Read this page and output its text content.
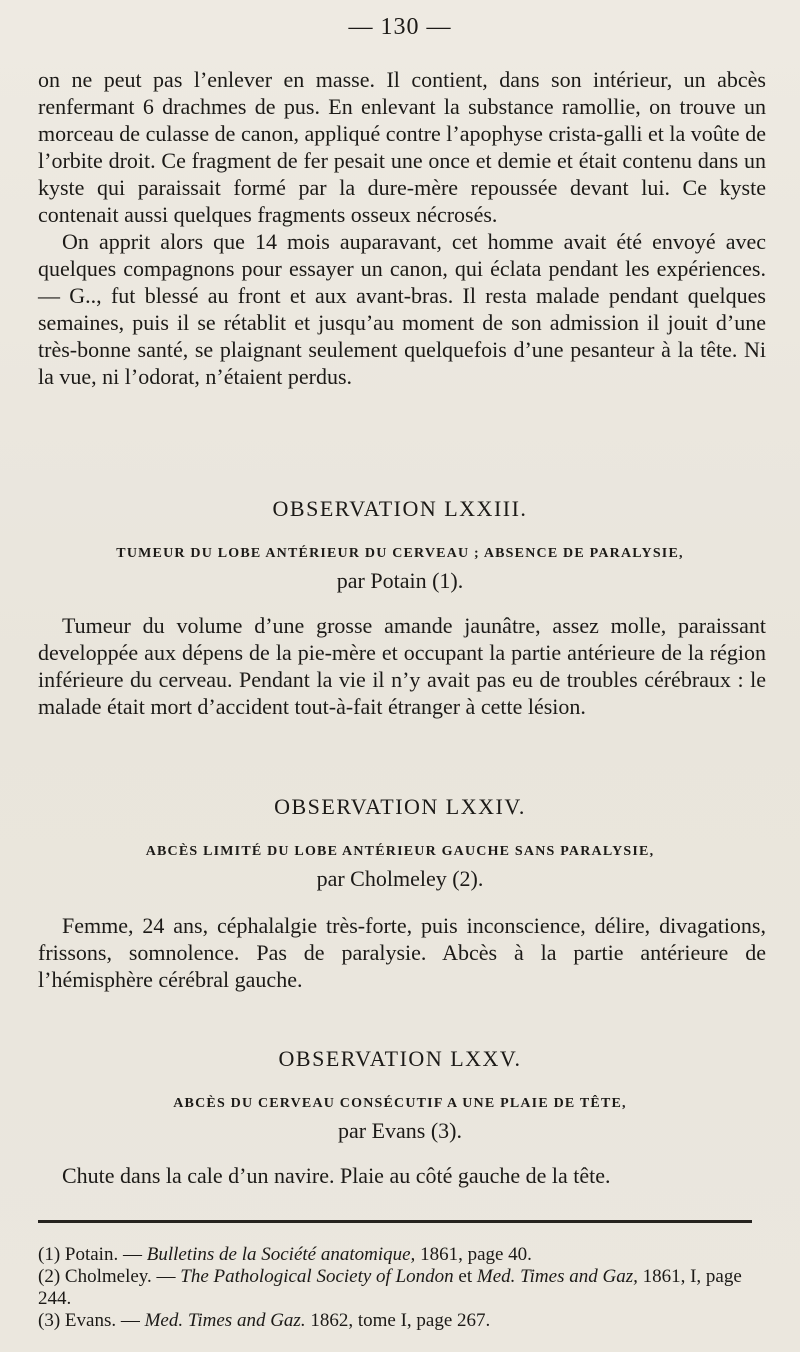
— 130 —

on ne peut pas l’enlever en masse. Il contient, dans son intérieur, un abcès renfermant 6 drachmes de pus. En enlevant la substance ramollie, on trouve un morceau de culasse de canon, appliqué contre l’apophyse crista-galli et la voûte de l’orbite droit. Ce fragment de fer pesait une once et demie et était contenu dans un kyste qui paraissait formé par la dure-mère repoussée devant lui. Ce kyste contenait aussi quelques fragments osseux nécrosés.

On apprit alors que 14 mois auparavant, cet homme avait été envoyé avec quelques compagnons pour essayer un canon, qui éclata pendant les expériences. — G.., fut blessé au front et aux avant-bras. Il resta malade pendant quelques semaines, puis il se rétablit et jusqu’au moment de son admission il jouit d’une très-bonne santé, se plaignant seulement quelquefois d’une pesanteur à la tête. Ni la vue, ni l’odorat, n’étaient perdus.

OBSERVATION LXXIII.
TUMEUR DU LOBE ANTÉRIEUR DU CERVEAU ; ABSENCE DE PARALYSIE,
par Potain (1).
Tumeur du volume d’une grosse amande jaunâtre, assez molle, paraissant developpée aux dépens de la pie-mère et occupant la partie antérieure de la région inférieure du cerveau. Pendant la vie il n’y avait pas eu de troubles cérébraux : le malade était mort d’accident tout-à-fait étranger à cette lésion.
OBSERVATION LXXIV.
ABCÈS LIMITÉ DU LOBE ANTÉRIEUR GAUCHE SANS PARALYSIE,
par Cholmeley (2).
Femme, 24 ans, céphalalgie très-forte, puis inconscience, délire, divagations, frissons, somnolence. Pas de paralysie. Abcès à la partie antérieure de l’hémisphère cérébral gauche.
OBSERVATION LXXV.
ABCÈS DU CERVEAU CONSÉCUTIF A UNE PLAIE DE TÊTE,
par Evans (3).
Chute dans la cale d’un navire. Plaie au côté gauche de la tête.

(1) Potain. — Bulletins de la Société anatomique, 1861, page 40.

(2) Cholmeley. — The Pathological Society of London et Med. Times and Gaz, 1861, I, page 244.

(3) Evans. — Med. Times and Gaz. 1862, tome I, page 267.
